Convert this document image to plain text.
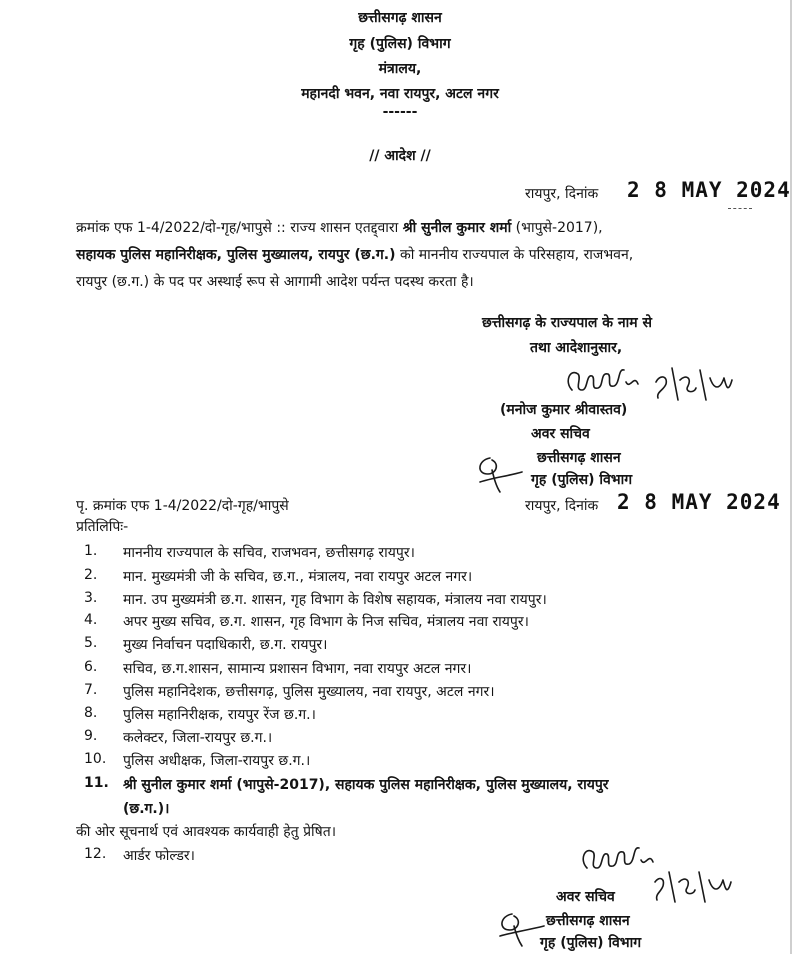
छत्तीसगढ़ शासन
गृह (पुलिस) विभाग
मंत्रालय,
महानदी भवन, नवा रायपुर, अटल नगर
------
// आदेश //
रायपुर, दिनांक 2 8 MAY 2024
क्रमांक एफ 1-4/2022/दो-गृह/भापुसे :: राज्य शासन एतद्द्वारा श्री सुनील कुमार शर्मा (भापुसे-2017),
सहायक पुलिस महानिरीक्षक, पुलिस मुख्यालय, रायपुर (छ.ग.) को माननीय राज्यपाल के परिसहाय, राजभवन,
रायपुर (छ.ग.) के पद पर अस्थाई रूप से आगामी आदेश पर्यन्त पदस्थ करता है।
छत्तीसगढ़ के राज्यपाल के नाम से
तथा आदेशानुसार,
(मनोज कुमार श्रीवास्तव)
अवर सचिव
छत्तीसगढ़ शासन
गृह (पुलिस) विभाग
पृ. क्रमांक एफ 1-4/2022/दो-गृह/भापुसे	रायपुर, दिनांक 2 8 MAY 2024
प्रतिलिपिः-
1.	माननीय राज्यपाल के सचिव, राजभवन, छत्तीसगढ़ रायपुर।
2.	मान. मुख्यमंत्री जी के सचिव, छ.ग., मंत्रालय, नवा रायपुर अटल नगर।
3.	मान. उप मुख्यमंत्री छ.ग. शासन, गृह विभाग के विशेष सहायक, मंत्रालय नवा रायपुर।
4.	अपर मुख्य सचिव, छ.ग. शासन, गृह विभाग के निज सचिव, मंत्रालय नवा रायपुर।
5.	मुख्य निर्वाचन पदाधिकारी, छ.ग. रायपुर।
6.	सचिव, छ.ग.शासन, सामान्य प्रशासन विभाग, नवा रायपुर अटल नगर।
7.	पुलिस महानिदेशक, छत्तीसगढ़, पुलिस मुख्यालय, नवा रायपुर, अटल नगर।
8.	पुलिस महानिरीक्षक, रायपुर रेंज छ.ग.।
9.	कलेक्टर, जिला-रायपुर छ.ग.।
10.	पुलिस अधीक्षक, जिला-रायपुर छ.ग.।
11.	श्री सुनील कुमार शर्मा (भापुसे-2017), सहायक पुलिस महानिरीक्षक, पुलिस मुख्यालय, रायपुर
(छ.ग.)।
की ओर सूचनार्थ एवं आवश्यक कार्यवाही हेतु प्रेषित।
12.	आर्डर फोल्डर।
अवर सचिव
छत्तीसगढ़ शासन
गृह (पुलिस) विभाग
